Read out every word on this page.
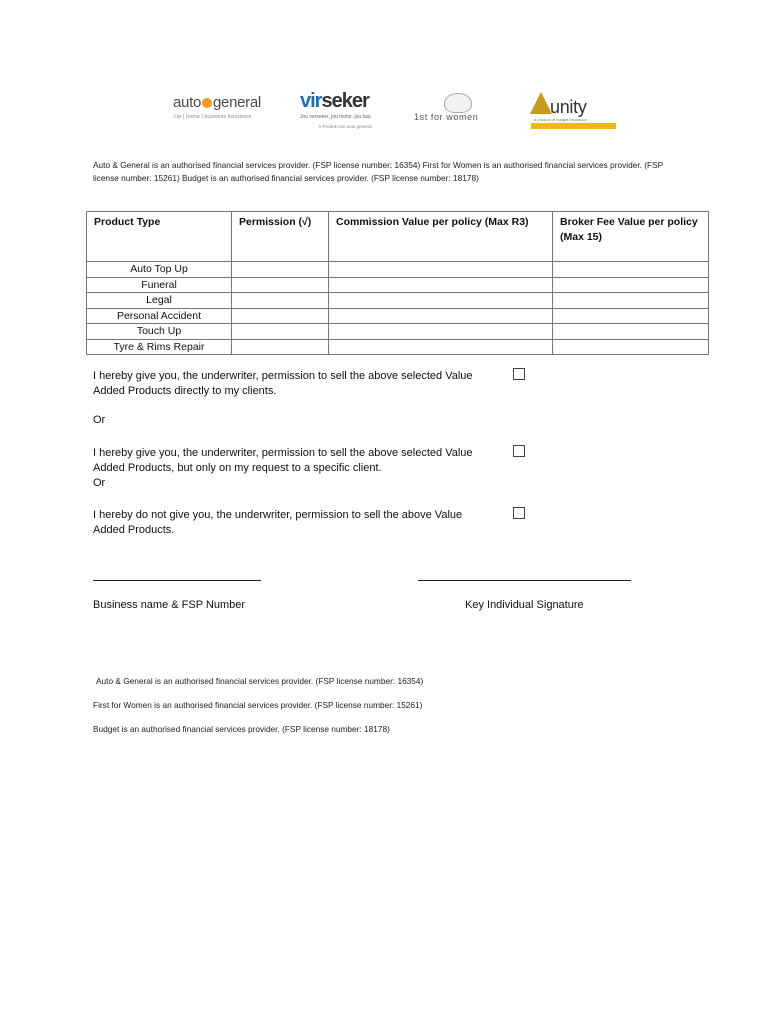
auto general
car | home | business insurance
virseker
Jou verseker, jou motor, jou taal.
'n Produk van auto general
1st for women	unity
a product of budget insurance
Auto & General is an authorised financial services provider. (FSP license number: 16354) First for Women is an authorised financial services provider. (FSP license number: 15261) Budget is an authorised financial services provider. (FSP license number: 18178)
Product Type	Permission (√)	Commission Value per policy (Max R3)	Broker Fee Value per policy (Max 15)
Auto Top Up			
Funeral			
Legal			
Personal Accident			
Touch Up			
Tyre & Rims Repair			
I hereby give you, the underwriter, permission to sell the above selected Value Added Products directly to my clients.
Or
I hereby give you, the underwriter, permission to sell the above selected Value Added Products, but only on my request to a specific client.
Or
I hereby do not give you, the underwriter, permission to sell the above Value Added Products.
Business name & FSP Number	Key Individual Signature
Auto & General is an authorised financial services provider. (FSP license number: 16354)
First for Women is an authorised financial services provider. (FSP license number: 15261)
Budget is an authorised financial services provider. (FSP license number: 18178)
